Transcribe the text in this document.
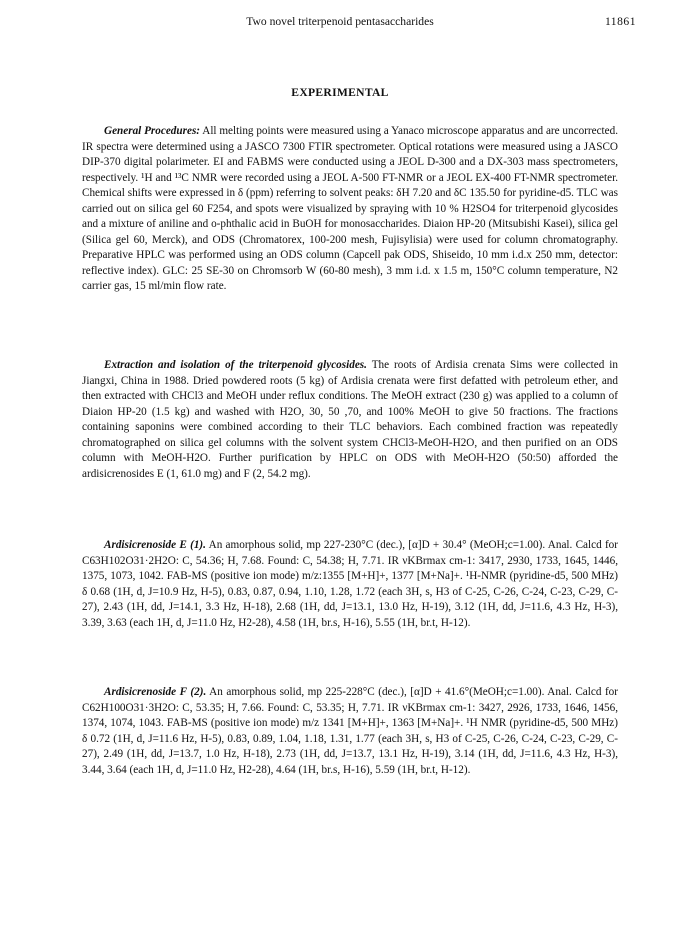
Two novel triterpenoid pentasaccharides	11861
EXPERIMENTAL
General Procedures: All melting points were measured using a Yanaco microscope apparatus and are uncorrected. IR spectra were determined using a JASCO 7300 FTIR spectrometer. Optical rotations were measured using a JASCO DIP-370 digital polarimeter. EI and FABMS were conducted using a JEOL D-300 and a DX-303 mass spectrometers, respectively. ¹H and ¹³C NMR were recorded using a JEOL A-500 FT-NMR or a JEOL EX-400 FT-NMR spectrometer. Chemical shifts were expressed in δ (ppm) referring to solvent peaks: δH 7.20 and δC 135.50 for pyridine-d5. TLC was carried out on silica gel 60 F254, and spots were visualized by spraying with 10 % H2SO4 for triterpenoid glycosides and a mixture of aniline and o-phthalic acid in BuOH for monosaccharides. Diaion HP-20 (Mitsubishi Kasei), silica gel (Silica gel 60, Merck), and ODS (Chromatorex, 100-200 mesh, Fujisylisia) were used for column chromatography. Preparative HPLC was performed using an ODS column (Capcell pak ODS, Shiseido, 10 mm i.d.x 250 mm, detector: reflective index). GLC: 25 SE-30 on Chromsorb W (60-80 mesh), 3 mm i.d. x 1.5 m, 150°C column temperature, N2 carrier gas, 15 ml/min flow rate.
Extraction and isolation of the triterpenoid glycosides. The roots of Ardisia crenata Sims were collected in Jiangxi, China in 1988. Dried powdered roots (5 kg) of Ardisia crenata were first defatted with petroleum ether, and then extracted with CHCl3 and MeOH under reflux conditions. The MeOH extract (230 g) was applied to a column of Diaion HP-20 (1.5 kg) and washed with H2O, 30, 50 ,70, and 100% MeOH to give 50 fractions. The fractions containing saponins were combined according to their TLC behaviors. Each combined fraction was repeatedly chromatographed on silica gel columns with the solvent system CHCl3-MeOH-H2O, and then purified on an ODS column with MeOH-H2O. Further purification by HPLC on ODS with MeOH-H2O (50:50) afforded the ardisicrenosides E (1, 61.0 mg) and F (2, 54.2 mg).
Ardisicrenoside E (1). An amorphous solid, mp 227-230°C (dec.), [α]D + 30.4° (MeOH;c=1.00). Anal. Calcd for C63H102O31·2H2O: C, 54.36; H, 7.68. Found: C, 54.38; H, 7.71. IR νKBrmax cm-1: 3417, 2930, 1733, 1645, 1446, 1375, 1073, 1042. FAB-MS (positive ion mode) m/z:1355 [M+H]+, 1377 [M+Na]+. ¹H-NMR (pyridine-d5, 500 MHz) δ 0.68 (1H, d, J=10.9 Hz, H-5), 0.83, 0.87, 0.94, 1.10, 1.28, 1.72 (each 3H, s, H3 of C-25, C-26, C-24, C-23, C-29, C-27), 2.43 (1H, dd, J=14.1, 3.3 Hz, H-18), 2.68 (1H, dd, J=13.1, 13.0 Hz, H-19), 3.12 (1H, dd, J=11.6, 4.3 Hz, H-3), 3.39, 3.63 (each 1H, d, J=11.0 Hz, H2-28), 4.58 (1H, br.s, H-16), 5.55 (1H, br.t, H-12).
Ardisicrenoside F (2). An amorphous solid, mp 225-228°C (dec.), [α]D + 41.6°(MeOH;c=1.00). Anal. Calcd for C62H100O31·3H2O: C, 53.35; H, 7.66. Found: C, 53.35; H, 7.71. IR νKBrmax cm-1: 3427, 2926, 1733, 1646, 1456, 1374, 1074, 1043. FAB-MS (positive ion mode) m/z 1341 [M+H]+, 1363 [M+Na]+. ¹H NMR (pyridine-d5, 500 MHz) δ 0.72 (1H, d, J=11.6 Hz, H-5), 0.83, 0.89, 1.04, 1.18, 1.31, 1.77 (each 3H, s, H3 of C-25, C-26, C-24, C-23, C-29, C-27), 2.49 (1H, dd, J=13.7, 1.0 Hz, H-18), 2.73 (1H, dd, J=13.7, 13.1 Hz, H-19), 3.14 (1H, dd, J=11.6, 4.3 Hz, H-3), 3.44, 3.64 (each 1H, d, J=11.0 Hz, H2-28), 4.64 (1H, br.s, H-16), 5.59 (1H, br.t, H-12).
